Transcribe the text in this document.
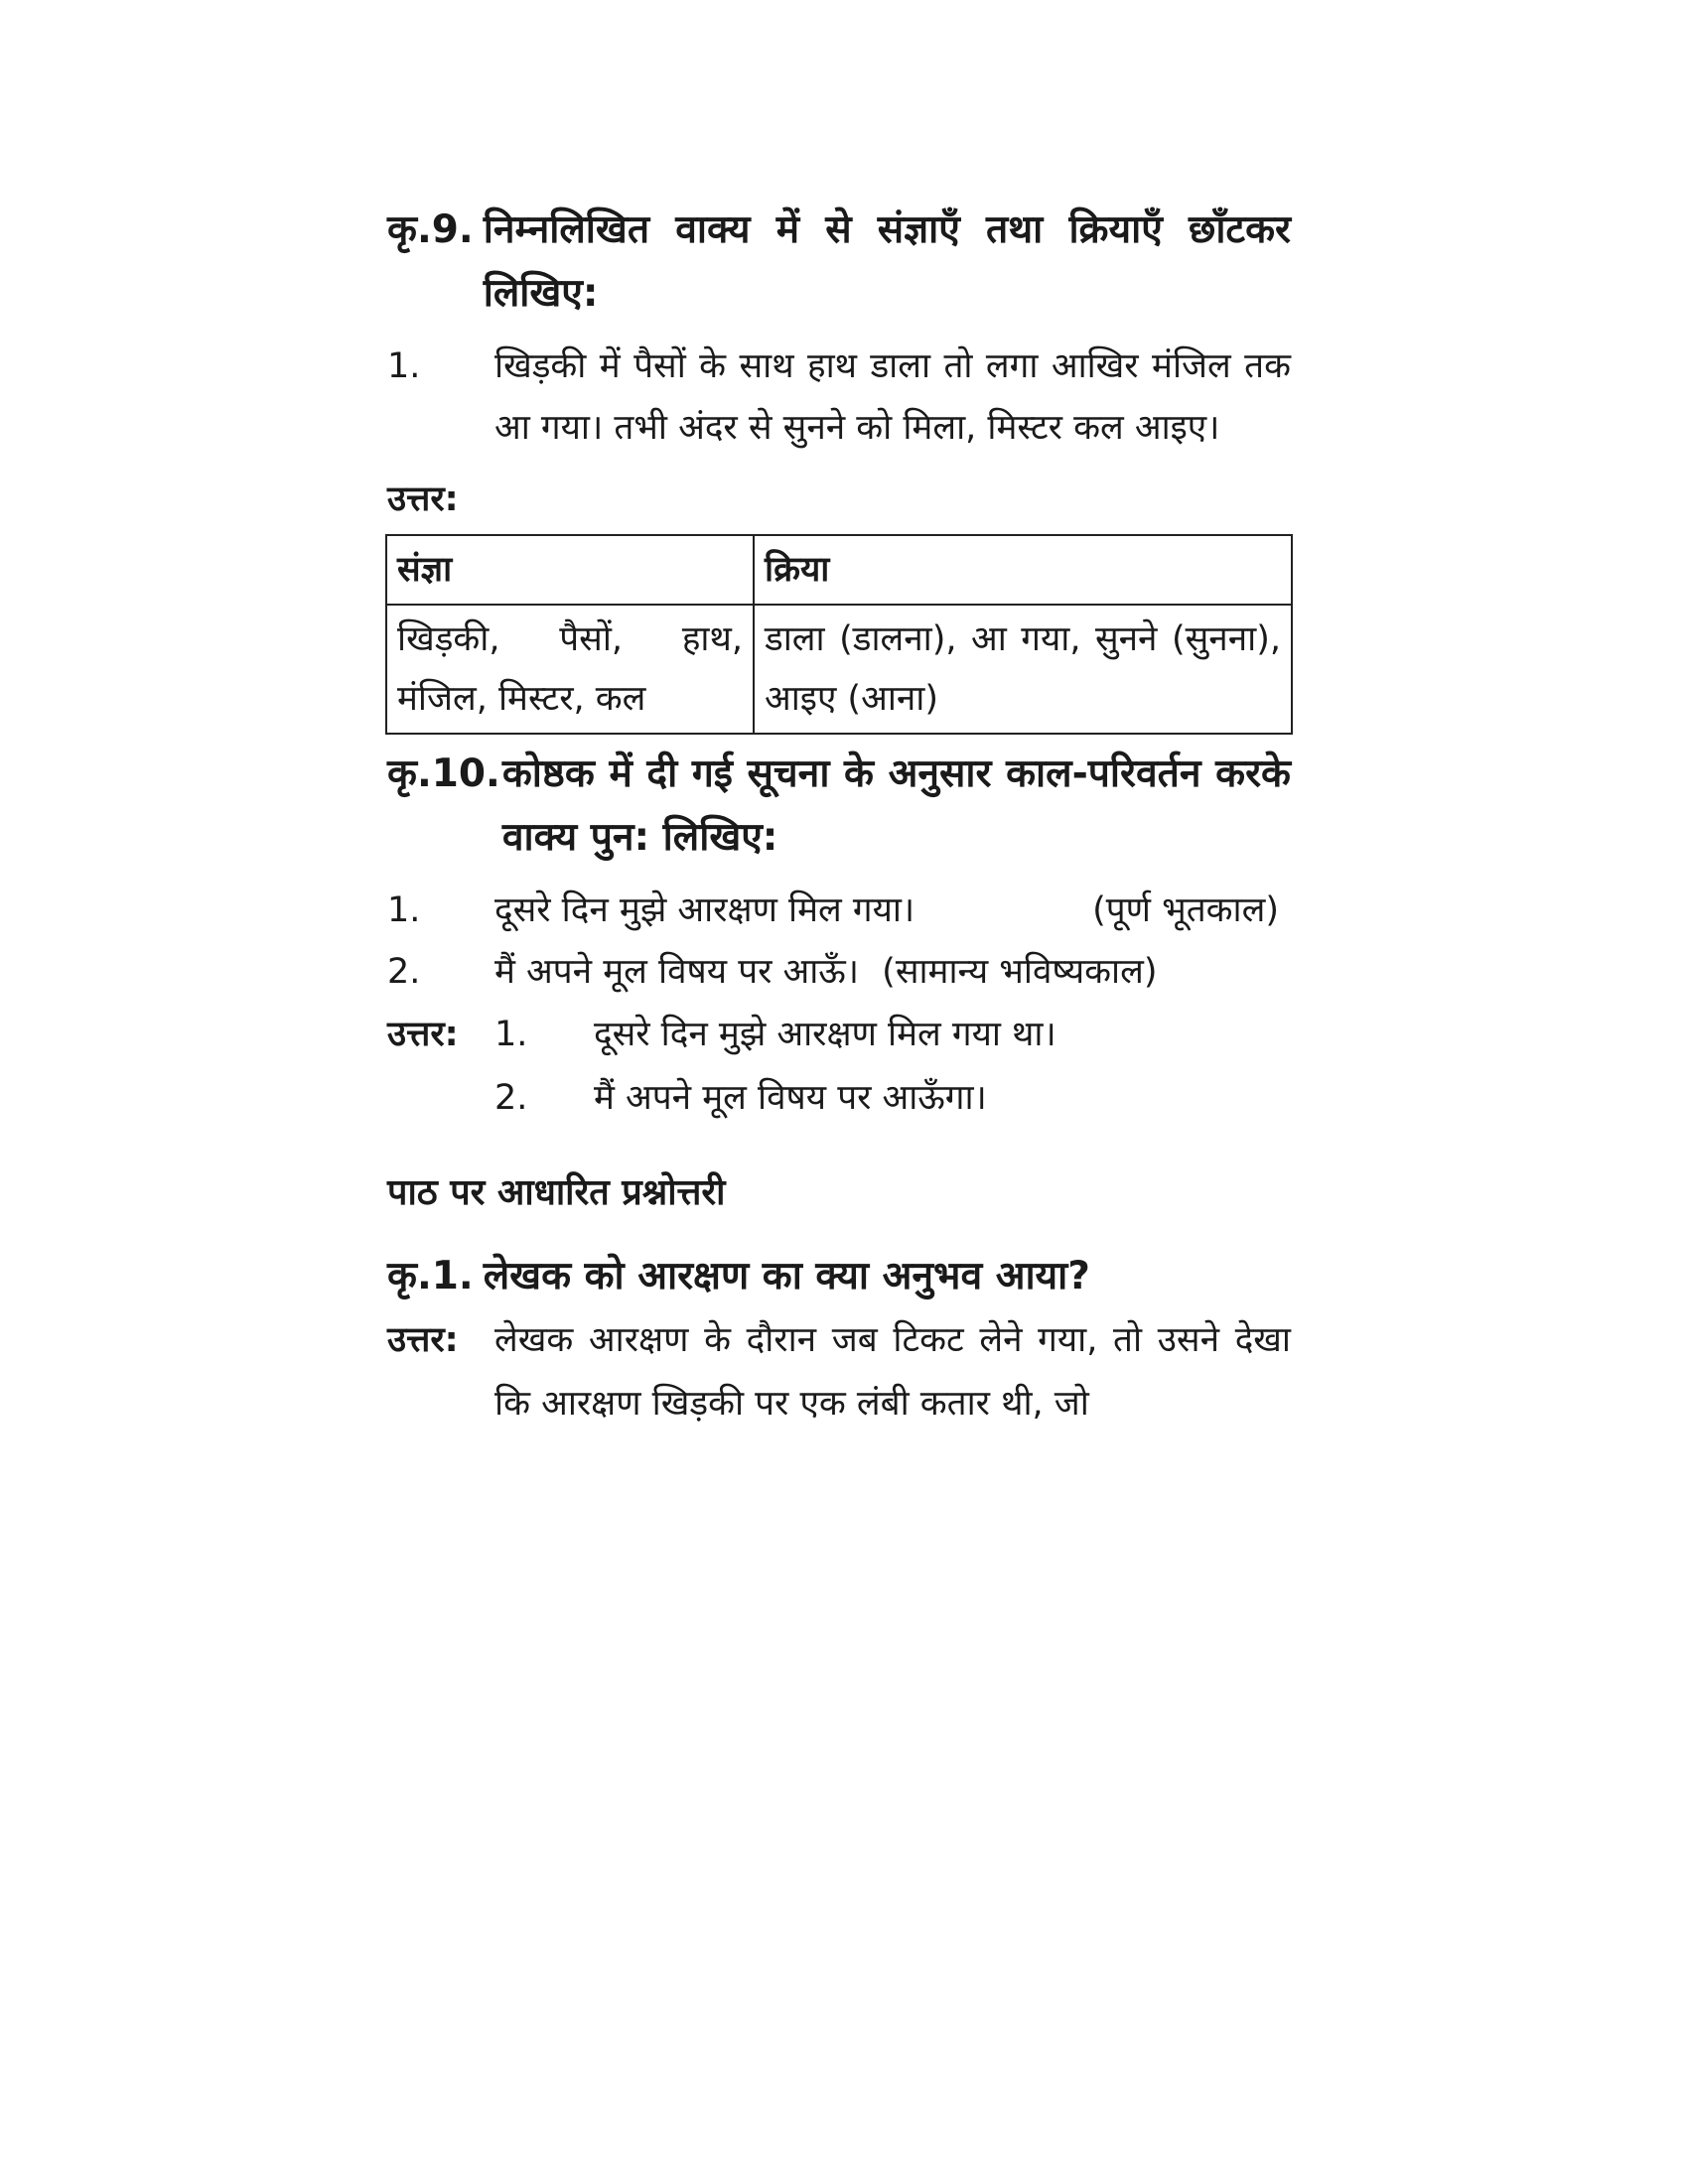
कृ.9. निम्नलिखित वाक्य में से संज्ञाएँ तथा क्रियाएँ छाँटकर लिखिए:
1.	खिड़की में पैसों के साथ हाथ डाला तो लगा आखिर मंजिल तक आ गया। तभी अंदर से सुनने को मिला, मिस्टर कल आइए।
उत्तर:
संज्ञा	क्रिया
खिड़की, पैसों, हाथ, मंजिल, मिस्टर, कल	डाला (डालना), आ गया, सुनने (सुनना), आइए (आना)
कृ.10. कोष्ठक में दी गई सूचना के अनुसार काल-परिवर्तन करके वाक्य पुन: लिखिए:
1.	दूसरे दिन मुझे आरक्षण मिल गया।	(पूर्ण भूतकाल)
2.	मैं अपने मूल विषय पर आऊँ। (सामान्य भविष्यकाल)
उत्तर:	1.	दूसरे दिन मुझे आरक्षण मिल गया था।
2.	मैं अपने मूल विषय पर आऊँगा।
पाठ पर आधारित प्रश्नोत्तरी
कृ.1. लेखक को आरक्षण का क्या अनुभव आया?
उत्तर:	लेखक आरक्षण के दौरान जब टिकट लेने गया, तो उसने देखा कि आरक्षण खिड़की पर एक लंबी कतार थी, जो
